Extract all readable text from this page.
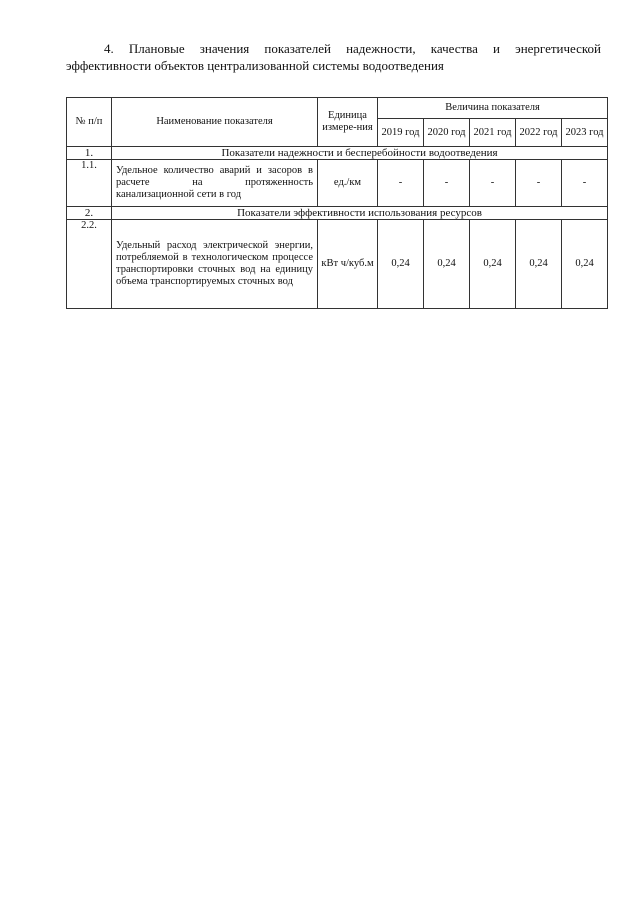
4. Плановые значения показателей надежности, качества и энергетической
эффективности объектов централизованной системы водоотведения
№ п/п	Наименование показателя	Единица измере-ния	Величина показателя				
			2019 год	2020 год	2021 год	2022 год	2023 год
1.	Показатели надежности и бесперебойности водоотведения						
1.1.	Удельное количество аварий и засоров в расчете на протяженность канализационной сети в год	ед./км	-	-	-	-	-
2.	Показатели эффективности использования ресурсов						
2.2.	Удельный расход электрической энергии, потребляемой в технологическом процессе транспортировки сточных вод на единицу объема транспортируемых сточных вод	кВт ч/куб.м	0,24	0,24	0,24	0,24	0,24
